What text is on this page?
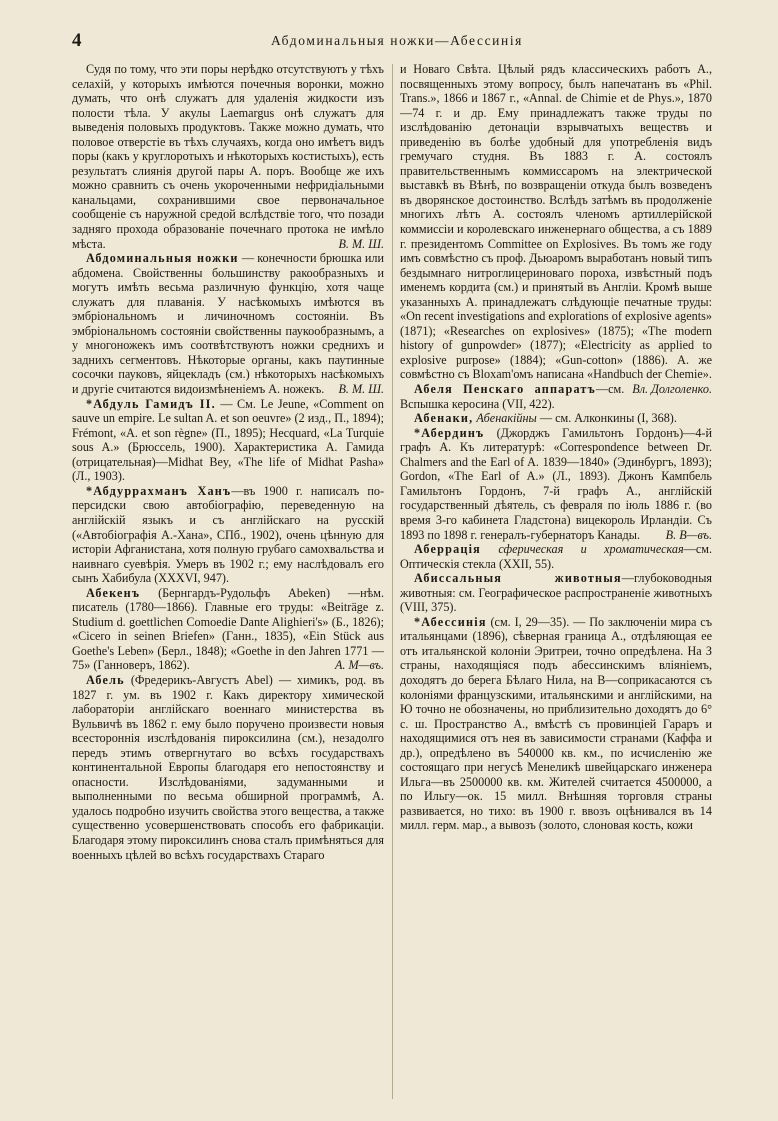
4	Абдоминальныя ножки—Абессинія

Судя по тому, что эти поры нерѣдко отсутствуютъ у тѣхъ селахій, у которыхъ имѣются почечныя воронки, можно думать, что онѣ служатъ для удаленія жидкости изъ полости тѣла. У акулы Laemargus онѣ служатъ для выведенія половыхъ продуктовъ. Также можно думать, что половое отверстіе въ тѣхъ случаяхъ, когда оно имѣетъ видъ поры (какъ у круглоротыхъ и нѣкоторыхъ костистыхъ), есть результатъ слиянія другой пары А. поръ. Вообще же ихъ можно сравнить съ очень укороченными нефридіальными канальцами, сохранившими свое первоначальное сообщеніе съ наружной средой вслѣдствіе того, что позади задняго прохода образованіе почечнаго протока не имѣло мѣста.	В. М. Ш.

Абдоминальныя ножки — конечности брюшка или абдомена. Свойственны большинству ракообразныхъ и могутъ имѣть весьма различную функцію, хотя чаще служатъ для плаванія. У насѣкомыхъ имѣются въ эмбріональномъ и личиночномъ состояніи. Въ эмбріональномъ состояніи свойственны паукообразнымъ, а у многоножекъ имъ соотвѣтствуютъ ножки среднихъ и заднихъ сегментовъ. Нѣкоторые органы, какъ паутинные сосочки пауковъ, яйцекладъ (см.) нѣкоторыхъ насѣкомыхъ и другіе считаются видоизмѣненіемъ А. ножекъ. В. М. Ш.

*Абдуль Гамидъ II. — См. Le Jeune, «Comment on sauve un empire. Le sultan A. et son oeuvre» (2 изд., П., 1894); Frémont, «A. et son règne» (П., 1895); Hecquard, «La Turquie sous A.» (Брюссель, 1900). Характеристика А. Гамида (отрицательная)—Midhat Bey, «The life of Midhat Pasha» (Л., 1903).

*Абдуррахманъ Ханъ—въ 1900 г. написалъ по-персидски свою автобіографію, переведенную на англійскій языкъ и съ англійскаго на русскій («Автобіографія А.-Хана», СПб., 1902), очень цѣнную для исторіи Афганистана, хотя полную грубаго самохвальства и наивнаго суевѣрія. Умеръ въ 1902 г.; ему наслѣдовалъ его сынъ Хабибула (XXXVI, 947).

Абекенъ (Бернгардъ-Рудольфъ Abeken) —нѣм. писатель (1780—1866). Главные его труды: «Beiträge z. Studium d. goettlichen Comoedie Dante Alighieri's» (Б., 1826); «Cicero in seinen Briefen» (Ганн., 1835), «Ein Stück aus Goethe's Leben» (Берл., 1848); «Goethe in den Jahren 1771 — 75» (Ганноверъ, 1862).	А. М—въ.

Абель (Фредерикъ-Августъ Abel) — химикъ, род. въ 1827 г. ум. въ 1902 г. Какъ директору химической лабораторіи англійскаго военнаго министерства въ Вульвичѣ въ 1862 г. ему было поручено произвести новыя всестороннія изслѣдованія пироксилина (см.), незадолго передъ этимъ отвергнутаго во всѣхъ государствахъ континентальной Европы благодаря его непостоянству и опасности. Изслѣдованіями, задуманными и выполненными по весьма обширной программѣ, А. удалось подробно изучить свойства этого вещества, а также существенно усовершенствовать способъ его фабрикаціи. Благодаря этому пироксилинъ снова сталъ примѣняться для военныхъ цѣлей во всѣхъ государствахъ Стараго

и Новаго Свѣта. Цѣлый рядъ классическихъ работъ А., посвященныхъ этому вопросу, былъ напечатанъ въ «Phil. Trans.», 1866 и 1867 г., «Annal. de Chimie et de Phys.», 1870—74 г. и др. Ему принадлежатъ также труды по изслѣдованію детонаціи взрывчатыхъ веществъ и приведенію въ болѣе удобный для употребленія видъ гремучаго студня. Въ 1883 г. А. состоялъ правительственнымъ коммиссаромъ на электрической выставкѣ въ Вѣнѣ, по возвращеніи откуда былъ возведенъ въ дворянское достоинство. Вслѣдъ затѣмъ въ продолженіе многихъ лѣтъ А. состоялъ членомъ артиллерійской коммиссіи и королевскаго инженернаго общества, а съ 1889 г. президентомъ Committee on Explosives. Въ томъ же году имъ совмѣстно съ проф. Дьюаромъ выработанъ новый типъ бездымнаго нитроглицериноваго пороха, извѣстный подъ именемъ кордита (см.) и принятый въ Англіи. Кромѣ выше указанныхъ А. принадлежатъ слѣдующіе печатные труды: «On recent investigations and explorations of explosive agents» (1871); «Researches on explosives» (1875); «The modern history of gunpowder» (1877); «Electricity as applied to explosive purpose» (1884); «Gun-cotton» (1886). А. же совмѣстно съ Bloxam'омъ написана «Handbuch der Chemie».
Вл. Долголенко.

Абеля Пенскаго аппаратъ—см. Вспышка керосина (VII, 422).

Абенаки, Абенакійны — см. Алконкины (I, 368).

*Абердинъ (Джорджъ Гамильтонъ Гордонъ)—4-й графъ А. Къ литературѣ: «Correspondence between Dr. Chalmers and the Earl of A. 1839—1840» (Эдинбургъ, 1893); Gordon, «The Earl of A.» (Л., 1893). Джонъ Кампбель Гамильтонъ Гордонъ, 7-й графъ А., англійскій государственный дѣятель, съ февраля по іюль 1886 г. (во время 3-го кабинета Гладстона) вицекороль Ирландіи. Съ 1893 по 1898 г. генералъ-губернаторъ Канады. В. В—въ.

Аберрація сферическая и хроматическая—см. Оптическія стекла (XXII, 55).

Абиссальныя животныя—глубоководныя животныя: см. Географическое распространеніе животныхъ (VIII, 375).

*Абессинія (см. I, 29—35). — По заключеніи мира съ итальянцами (1896), сѣверная граница А., отдѣляющая ее отъ итальянской колоніи Эритреи, точно опредѣлена. На З страны, находящіяся подъ абессинскимъ вліяніемъ, доходятъ до берега Бѣлаго Нила, на В—соприкасаются съ колоніями французскими, итальянскими и англійскими, на Ю точно не обозначены, но приблизительно доходятъ до 6° с. ш. Пространство А., вмѣстѣ съ провинціей Гараръ и находящимися отъ нея въ зависимости странами (Каффа и др.), опредѣлено въ 540000 кв. км., по исчисленію же состоящаго при негусѣ Менеликѣ швейцарскаго инженера Ильга—въ 2500000 кв. км. Жителей считается 4500000, а по Ильгу—ок. 15 милл. Внѣшняя торговля страны развивается, но тихо: въ 1900 г. ввозъ оцѣнивался въ 14 милл. герм. мар., а вывозъ (золото, слоновая кость, кожи
